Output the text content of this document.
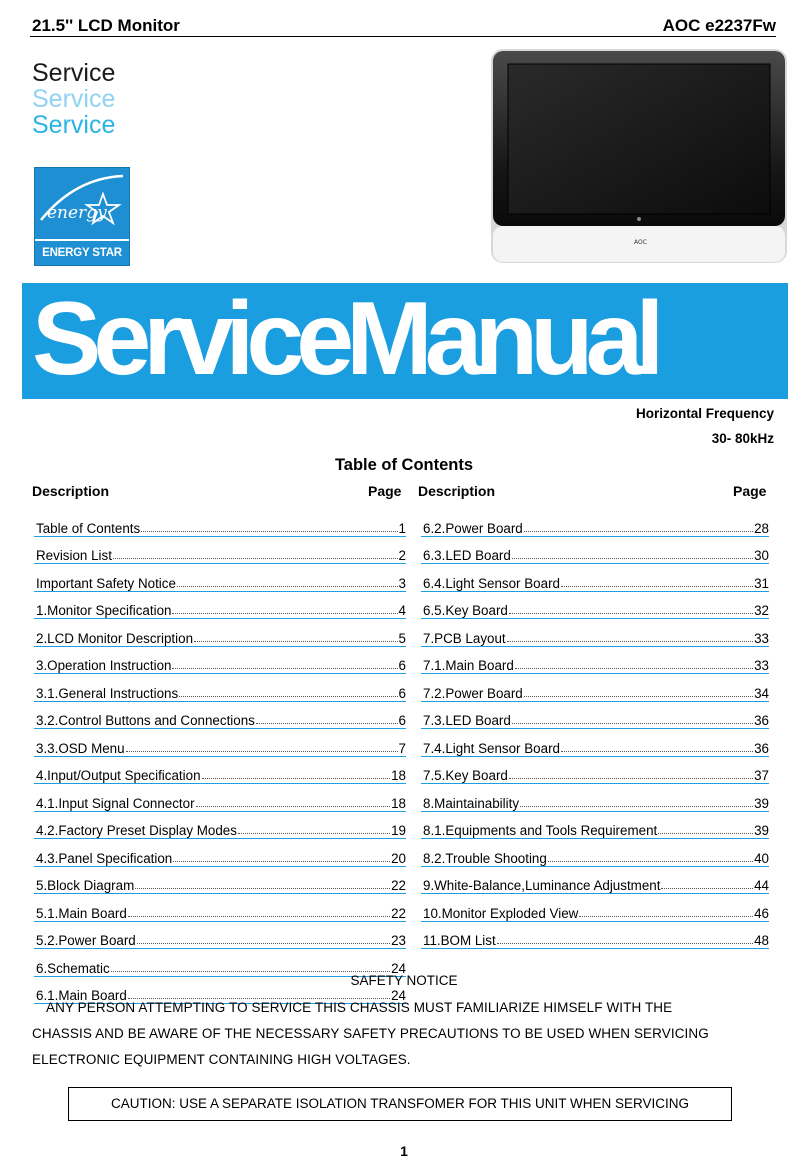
21.5'' LCD Monitor	AOC e2237Fw
Service
Service
Service
energy
ENERGY STAR
AOC
ServiceManual
Horizontal Frequency
30- 80kHz
Table of Contents
Description	Page Description	Page
Table of Contents	1
Revision List	2
Important Safety Notice	3
1.Monitor Specification	4
2.LCD Monitor Description	5
3.Operation Instruction	6
3.1.General Instructions	6
3.2.Control Buttons and Connections	6
3.3.OSD Menu	7
4.Input/Output Specification	18
4.1.Input Signal Connector	18
4.2.Factory Preset Display Modes	19
4.3.Panel Specification	20
5.Block Diagram	22
5.1.Main Board	22
5.2.Power Board	23
6.Schematic	24
6.1.Main Board	24
6.2.Power Board	28
6.3.LED Board	30
6.4.Light Sensor Board	31
6.5.Key Board	32
7.PCB Layout	33
7.1.Main Board	33
7.2.Power Board	34
7.3.LED Board	36
7.4.Light Sensor Board	36
7.5.Key Board	37
8.Maintainability	39
8.1.Equipments and Tools Requirement	39
8.2.Trouble Shooting	40
9.White-Balance,Luminance Adjustment	44
10.Monitor Exploded View	46
11.BOM List	48
SAFETY NOTICE
ANY PERSON ATTEMPTING TO SERVICE THIS CHASSIS MUST FAMILIARIZE HIMSELF WITH THE
CHASSIS AND BE AWARE OF THE NECESSARY SAFETY PRECAUTIONS TO BE USED WHEN SERVICING
ELECTRONIC EQUIPMENT CONTAINING HIGH VOLTAGES.
CAUTION: USE A SEPARATE ISOLATION TRANSFOMER FOR THIS UNIT WHEN SERVICING
1
